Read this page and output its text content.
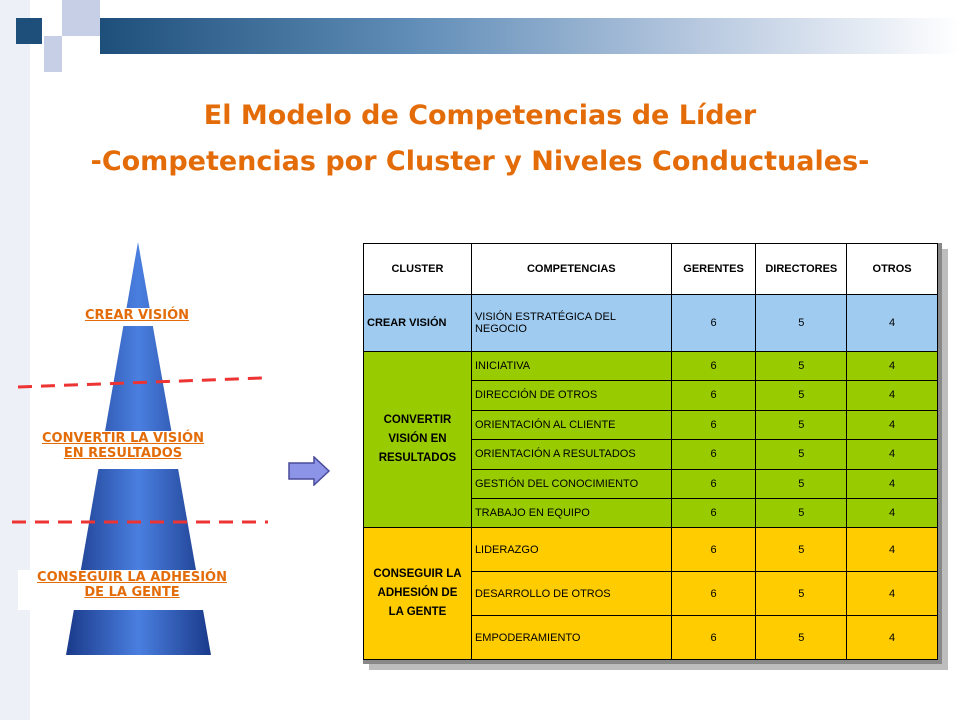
El Modelo de Competencias de Líder
-Competencias por Cluster y Niveles Conductuales-
CREAR VISIÓN
CONVERTIR LA VISIÓN
EN RESULTADOS
CONSEGUIR LA ADHESIÓN
DE LA GENTE
CLUSTER	COMPETENCIAS	GERENTES	DIRECTORES	OTROS
CREAR VISIÓN	VISIÓN ESTRATÉGICA DEL NEGOCIO	6	5	4

CONVERTIR
VISIÓN EN
RESULTADOS	INICIATIVA	6	5	4
	DIRECCIÓN DE OTROS	6	5	4
	ORIENTACIÓN AL CLIENTE	6	5	4
	ORIENTACIÓN A RESULTADOS	6	5	4
	GESTIÓN DEL CONOCIMIENTO	6	5	4
	TRABAJO EN EQUIPO	6	5	4

CONSEGUIR LA
ADHESIÓN DE
LA GENTE	LIDERAZGO	6	5	4
	DESARROLLO DE OTROS	6	5	4
	EMPODERAMIENTO	6	5	4
